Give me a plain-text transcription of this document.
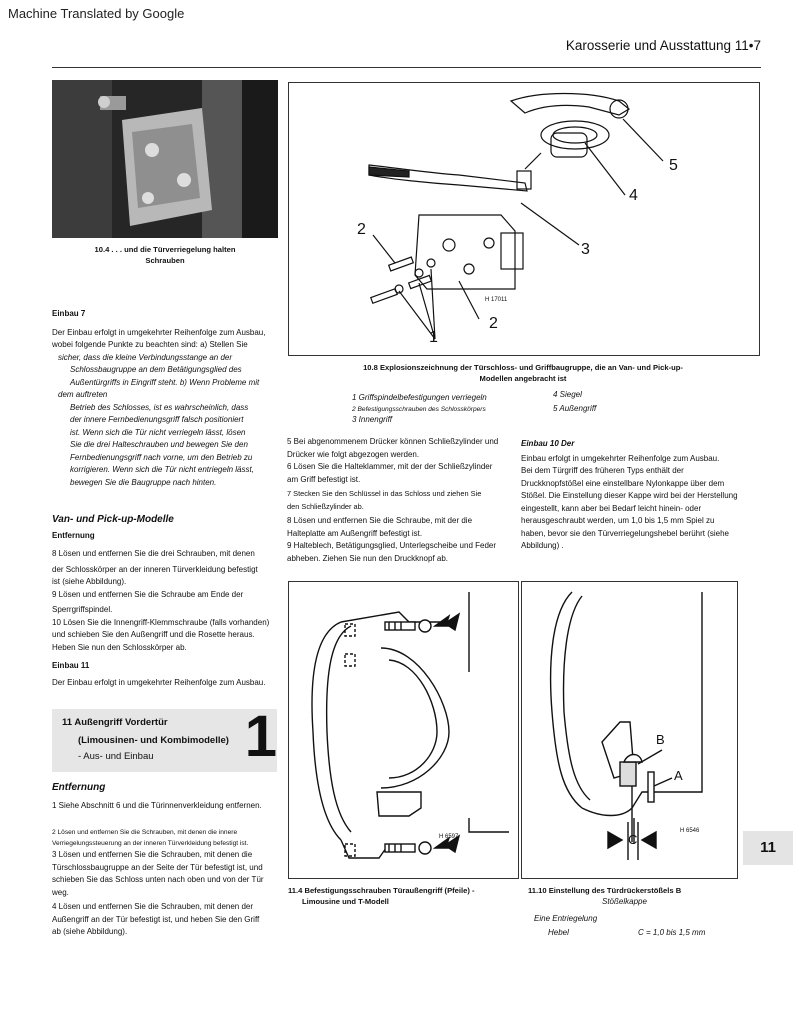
Machine Translated by Google
Karosserie und Ausstattung 11•7
10.4 . . . und die Türverriegelung halten
Schrauben
1
2
2
3
4
5
H 17011
10.8 Explosionszeichnung der Türschloss- und Griffbaugruppe, die an Van- und Pick-up-
Modellen angebracht ist
1 Griffspindelbefestigungen verriegeln
2 Befestigungsschrauben des Schlosskörpers
3 Innengriff
4 Siegel
5 Außengriff

Einbau 7

Der Einbau erfolgt in umgekehrter Reihenfolge zum Ausbau,

wobei folgende Punkte zu beachten sind: a) Stellen Sie

sicher, dass die kleine Verbindungsstange an der

Schlossbaugruppe an dem Betätigungsglied des

Außentürgriffs in Eingriff steht. b) Wenn Probleme mit

dem auftreten

Betrieb des Schlosses, ist es wahrscheinlich, dass

der innere Fernbedienungsgriff falsch positioniert

ist. Wenn sich die Tür nicht verriegeln lässt, lösen

Sie die drei Halteschrauben und bewegen Sie den

Fernbedienungsgriff nach vorne, um den Betrieb zu

korrigieren. Wenn sich die Tür nicht entriegeln lässt,

bewegen Sie die Baugruppe nach hinten.

Van- und Pick-up-Modelle
Entfernung

8 Lösen und entfernen Sie die drei Schrauben, mit denen

der Schlosskörper an der inneren Türverkleidung befestigt

ist (siehe Abbildung).

9 Lösen und entfernen Sie die Schraube am Ende der

Sperrgriffspindel.

10 Lösen Sie die Innengriff-Klemmschraube (falls vorhanden)

und schieben Sie den Außengriff und die Rosette heraus.

Heben Sie nun den Schlosskörper ab.

Einbau 11

Der Einbau erfolgt in umgekehrter Reihenfolge zum Ausbau.

11 Außengriff Vordertür
(Limousinen- und Kombimodelle)
- Aus- und Einbau 1
Entfernung
1 Siehe Abschnitt 6 und die Türinnenverkleidung entfernen.

2 Lösen und entfernen Sie die Schrauben, mit denen die innere

Verriegelungssteuerung an der inneren Türverkleidung befestigt ist.

3 Lösen und entfernen Sie die Schrauben, mit denen die

Türschlossbaugruppe an der Seite der Tür befestigt ist, und

schieben Sie das Schloss unten nach oben und von der Tür

weg.

4 Lösen und entfernen Sie die Schrauben, mit denen der

Außengriff an der Tür befestigt ist, und heben Sie den Griff

ab (siehe Abbildung).

5 Bei abgenommenem Drücker können Schließzylinder und

Drücker wie folgt abgezogen werden.

6 Lösen Sie die Halteklammer, mit der der Schließzylinder

am Griff befestigt ist.

7 Stecken Sie den Schlüssel in das Schloss und ziehen Sie

den Schließzylinder ab.

8 Lösen und entfernen Sie die Schraube, mit der die

Halteplatte am Außengriff befestigt ist.

9 Halteblech, Betätigungsglied, Unterlegscheibe und Feder

abheben. Ziehen Sie nun den Druckknopf ab.

Einbau 10 Der

Einbau erfolgt in umgekehrter Reihenfolge zum Ausbau.

Bei dem Türgriff des früheren Typs enthält der

Druckknopfstößel eine einstellbare Nylonkappe über dem

Stößel. Die Einstellung dieser Kappe wird bei der Herstellung

eingestellt, kann aber bei Bedarf leicht hinein- oder

herausgeschraubt werden, um 1,0 bis 1,5 mm Spiel zu

haben, bevor sie den Türverriegelungshebel berührt (siehe

Abbildung) .

H 6597
11.4 Befestigungsschrauben Türaußengriff (Pfeile) -
Limousine und T-Modell
B
A
C
H 6546
11.10 Einstellung des Türdrückerstößels B
Stößelkappe
Eine Entriegelung
Hebel	C = 1,0 bis 1,5 mm
11
